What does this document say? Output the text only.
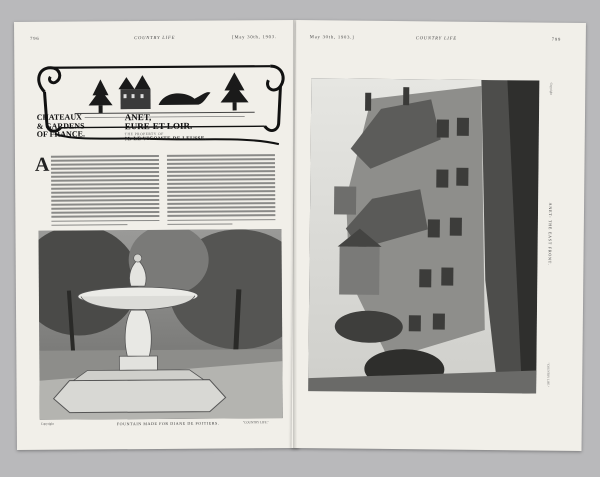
796	COUNTRY LIFE	[May 30th, 1903.
CHATEAUX
& GARDENS
OF FRANCE.
ANET,
EURE-ET-LOIR.
THE PROPERTY OF
M. LE VICOMTE DE LEUSSE.
A
Copyright	FOUNTAIN MADE FOR DIANE DE POITIERS.	"COUNTRY LIFE."
May 30th, 1903.]	COUNTRY LIFE	799
Copyright
ANET: THE EAST FRONT.
"COUNTRY LIFE."
